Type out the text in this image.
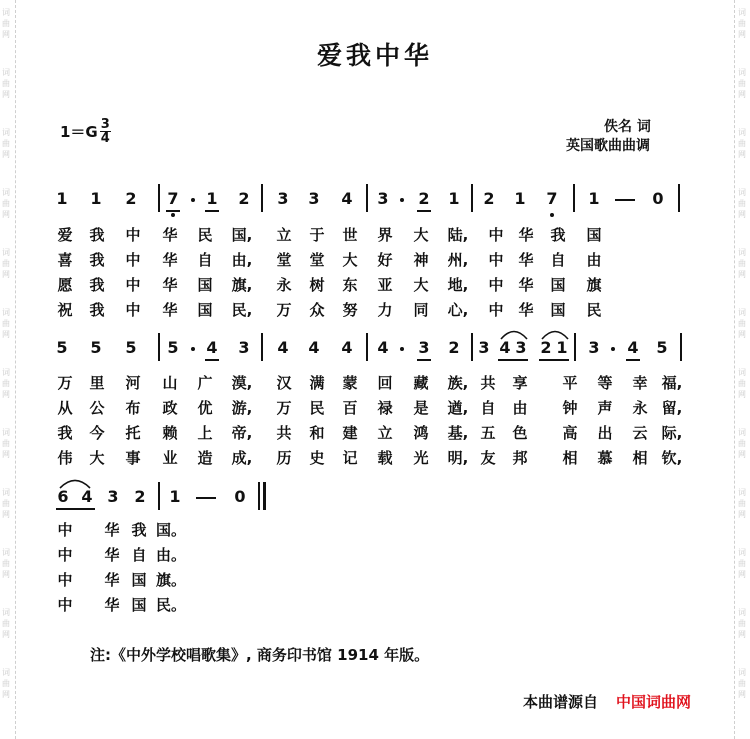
词
曲
网
词
曲
网
词
曲
网
词
曲
网
词
曲
网
词
曲
网
词
曲
网
词
曲
网
词
曲
网
词
曲
网
词
曲
网
词
曲
网
词
曲
网
词
曲
网
词
曲
网
词
曲
网
词
曲
网
词
曲
网
词
曲
网
词
曲
网
词
曲
网
词
曲
网
词
曲
网
词
曲
网
爱我中华
$1=G \frac{3}{4}$	佚名 词
英国歌曲曲调
1 1 2 7 1 2 3 3 4 3 2 1 2 1 7 1	0
5 5 5 5 4 3 4 4 4 4 3 2 3 4 3 2 1 3 4 5
6 4 3 2 1	0
爱 我 中 华 民 国, 立 于 世 界 大 陆, 中 华 我 国
喜 我 中 华 自 由, 堂 堂 大 好 神 州, 中 华 自 由
愿 我 中 华 国 旗, 永 树 东 亚 大 地, 中 华 国 旗
祝 我 中 华 国 民, 万 众 努 力 同 心, 中 华 国 民
万 里 河 山 广 漠, 汉 满 蒙 回 藏 族, 共 享 平 等 幸 福,
从 公 布 政 优 游, 万 民 百 禄 是 遒, 自 由 钟 声 永 留,
我 今 托 赖 上 帝, 共 和 建 立 鸿 基, 五 色 高 出 云 际,
伟 大 事 业 造 成, 历 史 记 载 光 明, 友 邦 相 慕 相 钦,
中 华 我 国。
中 华 自 由。
中 华 国 旗。
中 华 国 民。
注:《中外学校唱歌集》, 商务印书馆 1914 年版。
本曲谱源自 中国词曲网
